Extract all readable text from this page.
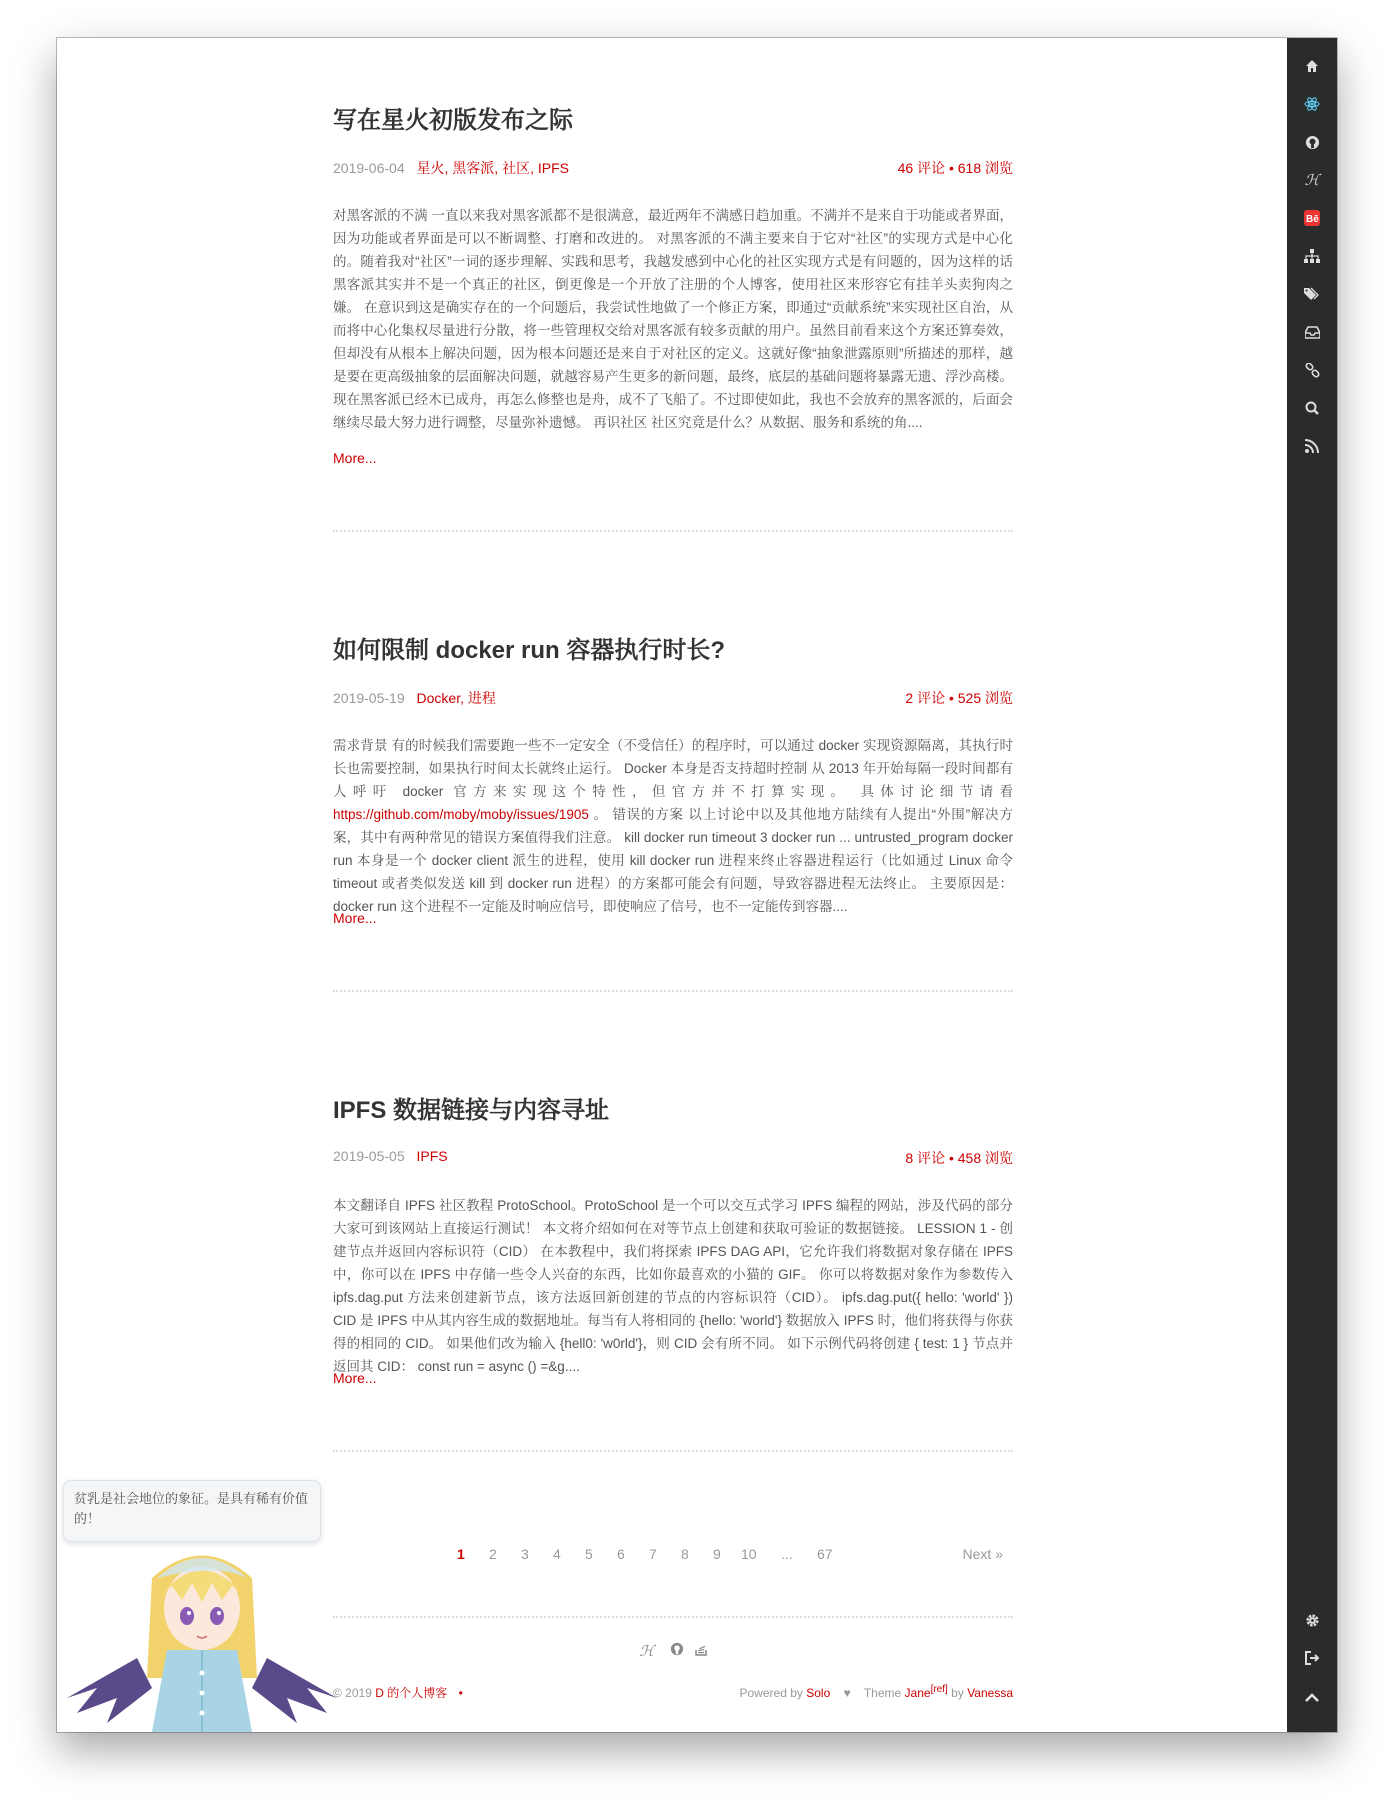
写在星火初版发布之际
2019-06-04 星火, 黑客派, 社区, IPFS	46 评论 • 618 浏览

对黑客派的不满 一直以来我对黑客派都不是很满意，最近两年不满感日趋加重。不满并不是来自于功能或者界面，因为功能或者界面是可以不断调整、打磨和改进的。 对黑客派的不满主要来自于它对“社区”的实现方式是中心化的。随着我对“社区”一词的逐步理解、实践和思考，我越发感到中心化的社区实现方式是有问题的，因为这样的话黑客派其实并不是一个真正的社区，倒更像是一个开放了注册的个人博客，使用社区来形容它有挂羊头卖狗肉之嫌。 在意识到这是确实存在的一个问题后，我尝试性地做了一个修正方案，即通过“贡献系统”来实现社区自治，从而将中心化集权尽量进行分散，将一些管理权交给对黑客派有较多贡献的用户。虽然目前看来这个方案还算奏效，但却没有从根本上解决问题，因为根本问题还是来自于对社区的定义。这就好像“抽象泄露原则”所描述的那样，越是要在更高级抽象的层面解决问题，就越容易产生更多的新问题，最终，底层的基础问题将暴露无遗、浮沙高楼。 现在黑客派已经木已成舟，再怎么修整也是舟，成不了飞船了。不过即使如此，我也不会放弃的黑客派的，后面会继续尽最大努力进行调整，尽量弥补遗憾。 再识社区 社区究竟是什么？从数据、服务和系统的角....

More...
如何限制 docker run 容器执行时长?
2019-05-19 Docker, 进程	2 评论 • 525 浏览

需求背景 有的时候我们需要跑一些不一定安全（不受信任）的程序时，可以通过 docker 实现资源隔离，其执行时长也需要控制，如果执行时间太长就终止运行。 Docker 本身是否支持超时控制 从 2013 年开始每隔一段时间都有人呼吁 docker 官方来实现这个特性，但官方并不打算实现。 具体讨论细节请看 https://github.com/moby/moby/issues/1905 。 错误的方案 以上讨论中以及其他地方陆续有人提出“外围”解决方案，其中有两种常见的错误方案值得我们注意。 kill docker run timeout 3 docker run ... untrusted_program docker run 本身是一个 docker client 派生的进程，使用 kill docker run 进程来终止容器进程运行（比如通过 Linux 命令 timeout 或者类似发送 kill 到 docker run 进程）的方案都可能会有问题，导致容器进程无法终止。 主要原因是： docker run 这个进程不一定能及时响应信号，即使响应了信号，也不一定能传到容器....

More...
IPFS 数据链接与内容寻址
2019-05-05 IPFS	8 评论 • 458 浏览

本文翻译自 IPFS 社区教程 ProtoSchool。ProtoSchool 是一个可以交互式学习 IPFS 编程的网站，涉及代码的部分大家可到该网站上直接运行测试！ 本文将介绍如何在对等节点上创建和获取可验证的数据链接。 LESSION 1 - 创建节点并返回内容标识符（CID） 在本教程中，我们将探索 IPFS DAG API，它允许我们将数据对象存储在 IPFS 中，你可以在 IPFS 中存储一些令人兴奋的东西，比如你最喜欢的小猫的 GIF。 你可以将数据对象作为参数传入 ipfs.dag.put 方法来创建新节点，该方法返回新创建的节点的内容标识符（CID）。 ipfs.dag.put({ hello: 'world' }) CID 是 IPFS 中从其内容生成的数据地址。每当有人将相同的 {hello: 'world'} 数据放入 IPFS 时，他们将获得与你获得的相同的 CID。 如果他们改为输入 {hell0: 'w0rld'}，则 CID 会有所不同。 如下示例代码将创建 { test: 1 } 节点并返回其 CID： const run = async () =&g....

More...
1 2 3 4 5 6 7 8 9 10 ... 67	Next »
ℋ
© 2019 D 的个人博客 •	Powered by Solo ♥ Theme Jane[ref] by Vanessa
贫乳是社会地位的象征。是具有稀有价值的！
ℋ
Bē
